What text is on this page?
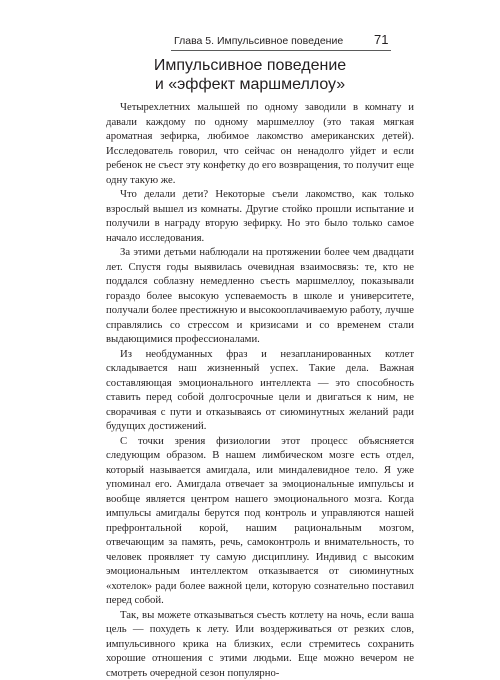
Глава 5. Импульсивное поведение 71
Импульсивное поведение
и «эффект маршмеллоу»

Четырехлетних малышей по одному заводили в комнату и давали каждому по одному маршмеллоу (это такая мягкая ароматная зефирка, любимое лакомство американских детей). Исследователь говорил, что сейчас он ненадолго уйдет и если ребенок не съест эту конфетку до его возвращения, то получит еще одну такую же.

Что делали дети? Некоторые съели лакомство, как только взрослый вышел из комнаты. Другие стойко прошли испытание и получили в награду вторую зефирку. Но это было только самое начало исследования.

За этими детьми наблюдали на протяжении более чем двадцати лет. Спустя годы выявилась очевидная взаимосвязь: те, кто не поддался соблазну немедленно съесть маршмеллоу, показывали гораздо более высокую успеваемость в школе и университете, получали более престижную и высокооплачиваемую работу, лучше справлялись со стрессом и кризисами и со временем стали выдающимися профессионалами.

Из необдуманных фраз и незапланированных котлет складывается наш жизненный успех. Такие дела. Важная составляющая эмоционального интеллекта — это способность ставить перед собой долгосрочные цели и двигаться к ним, не сворачивая с пути и отказываясь от сиюминутных желаний ради будущих достижений.

С точки зрения физиологии этот процесс объясняется следующим образом. В нашем лимбическом мозге есть отдел, который называется амигдала, или миндалевидное тело. Я уже упоминал его. Амигдала отвечает за эмоциональные импульсы и вообще является центром нашего эмоционального мозга. Когда импульсы амигдалы берутся под контроль и управляются нашей префронтальной корой, нашим рациональным мозгом, отвечающим за память, речь, самоконтроль и внимательность, то человек проявляет ту самую дисциплину. Индивид с высоким эмоциональным интеллектом отказывается от сиюминутных «хотелок» ради более важной цели, которую сознательно поставил перед собой.

Так, вы можете отказываться съесть котлету на ночь, если ваша цель — похудеть к лету. Или воздерживаться от резких слов, импульсивного крика на близких, если стремитесь сохранить хорошие отношения с этими людьми. Еще можно вечером не смотреть очередной сезон популярно-
